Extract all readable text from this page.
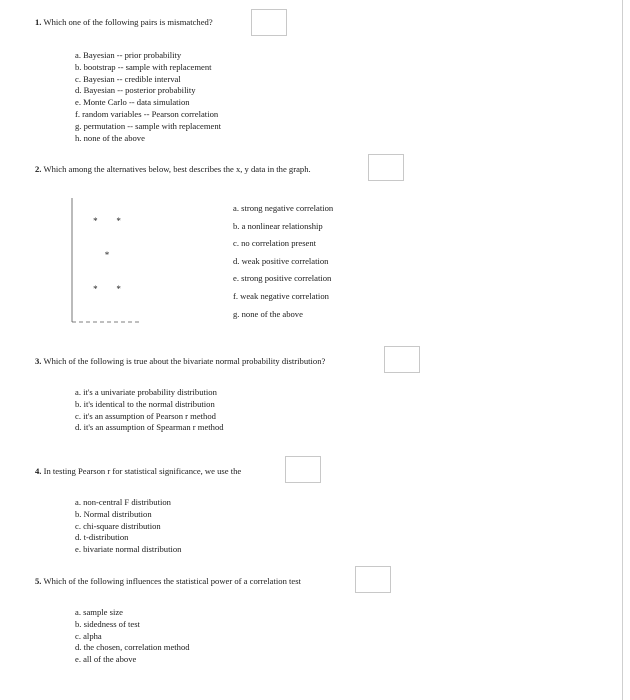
1. Which one of the following pairs is mismatched?
a. Bayesian -- prior probability
b. bootstrap -- sample with replacement
c. Bayesian -- credible interval
d. Bayesian -- posterior probability
e. Monte Carlo -- data simulation
f. random variables -- Pearson correlation
g. permutation -- sample with replacement
h. none of the above
2. Which among the alternatives below, best describes the x, y data in the graph.
* *
*
* *
a. strong negative correlation
b. a nonlinear relationship
c. no correlation present
d. weak positive correlation
e. strong positive correlation
f. weak negative correlation
g. none of the above
3. Which of the following is true about the bivariate normal probability distribution?
a. it's a univariate probability distribution
b. it's identical to the normal distribution
c. it's an assumption of Pearson r method
d. it's an assumption of Spearman r method
4. In testing Pearson r for statistical significance, we use the
a. non-central F distribution
b. Normal distribution
c. chi-square distribution
d. t-distribution
e. bivariate normal distribution
5. Which of the following influences the statistical power of a correlation test
a. sample size
b. sidedness of test
c. alpha
d. the chosen, correlation method
e. all of the above
